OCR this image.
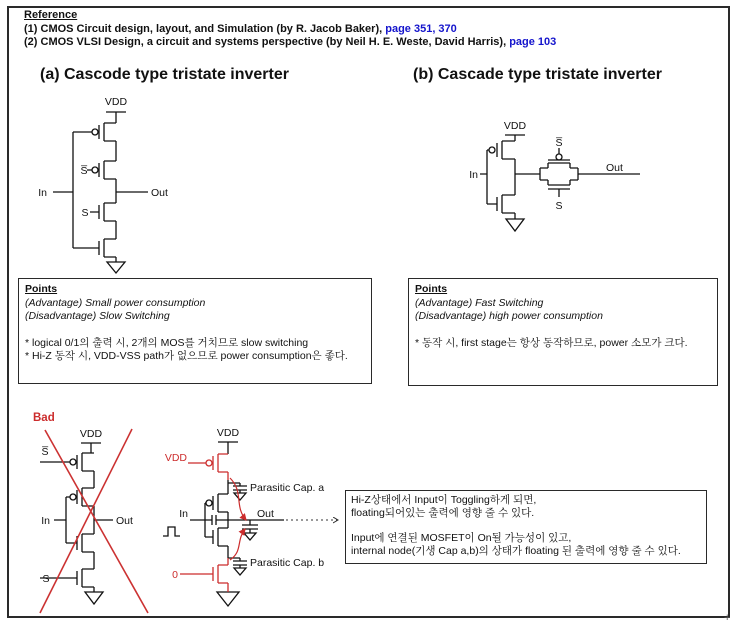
Reference
(1) CMOS Circuit design, layout, and Simulation (by R. Jacob Baker), page 351, 370
(2) CMOS VLSI Design, a circuit and systems perspective (by Neil H. E. Weste, David Harris), page 103
(a) Cascode type tristate inverter	(b) Cascade type tristate inverter
VDD
In	Out
S̅
S
VDD
In
Out
S̅
S
VDD
S̅
In	Out
S
VDD
VDD
0
In	Out
Parasitic Cap. a
Parasitic Cap. b
Points
(Advantage) Small power consumption
(Disadvantage) Slow Switching
* logical 0/1의 출력 시, 2개의 MOS를 거치므로 slow switching
* Hi-Z 동작 시, VDD-VSS path가 없으므로 power consumption은 좋다.
Points
(Advantage) Fast Switching
(Disadvantage) high power consumption
* 동작 시, first stage는 항상 동작하므로, power 소모가 크다.
Bad
Hi-Z상태에서 Input이 Toggling하게 되면,
floating되어있는 출력에 영향 줄 수 있다.
Input에 연결된 MOSFET이 On될 가능성이 있고,
internal node(기생 Cap a,b)의 상태가 floating 된 출력에 영향 줄 수 있다.
+
